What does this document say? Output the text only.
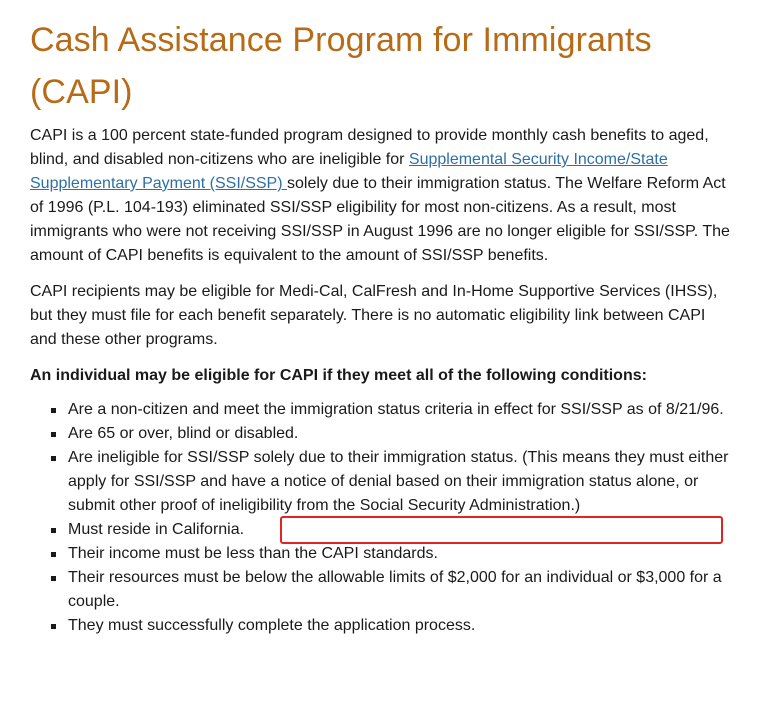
Cash Assistance Program for Immigrants (CAPI)

CAPI is a 100 percent state-funded program designed to provide monthly cash benefits to aged, blind, and disabled non-citizens who are ineligible for Supplemental Security Income/State Supplementary Payment (SSI/SSP) solely due to their immigration status. The Welfare Reform Act of 1996 (P.L. 104-193) eliminated SSI/SSP eligibility for most non-citizens. As a result, most immigrants who were not receiving SSI/SSP in August 1996 are no longer eligible for SSI/SSP. The amount of CAPI benefits is equivalent to the amount of SSI/SSP benefits.

CAPI recipients may be eligible for Medi-Cal, CalFresh and In-Home Supportive Services (IHSS), but they must file for each benefit separately. There is no automatic eligibility link between CAPI and these other programs.

An individual may be eligible for CAPI if they meet all of the following conditions:

Are a non-citizen and meet the immigration status criteria in effect for SSI/SSP as of 8/21/96.
Are 65 or over, blind or disabled.
Are ineligible for SSI/SSP solely due to their immigration status. (This means they must either apply for SSI/SSP and have a notice of denial based on their immigration status alone, or submit other proof of ineligibility from the Social Security Administration.)
Must reside in California.
Their income must be less than the CAPI standards.
Their resources must be below the allowable limits of $2,000 for an individual or $3,000 for a couple.
They must successfully complete the application process.
